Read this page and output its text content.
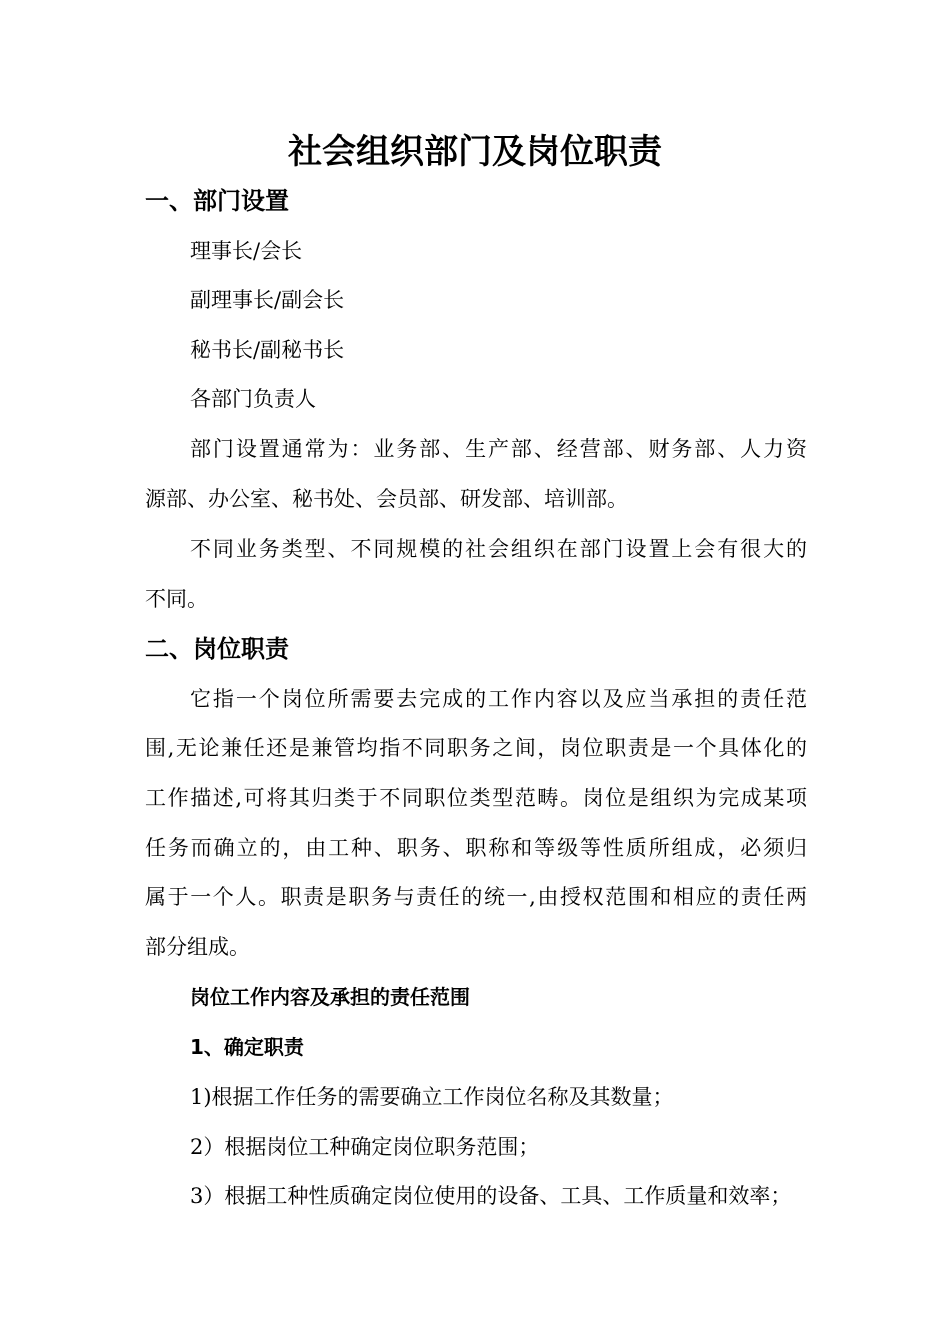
社会组织部门及岗位职责
一、部门设置
理事长/会长
副理事长/副会长
秘书长/副秘书长
各部门负责人
部门设置通常为：业务部、生产部、经营部、财务部、人力资
源部、办公室、秘书处、会员部、研发部、培训部。
不同业务类型、不同规模的社会组织在部门设置上会有很大的
不同。
二、岗位职责
它指一个岗位所需要去完成的工作内容以及应当承担的责任范
围,无论兼任还是兼管均指不同职务之间，岗位职责是一个具体化的
工作描述,可将其归类于不同职位类型范畴。岗位是组织为完成某项
任务而确立的，由工种、职务、职称和等级等性质所组成，必须归
属于一个人。职责是职务与责任的统一,由授权范围和相应的责任两
部分组成。
岗位工作内容及承担的责任范围
1、确定职责
1)根据工作任务的需要确立工作岗位名称及其数量；
2）根据岗位工种确定岗位职务范围；
3）根据工种性质确定岗位使用的设备、工具、工作质量和效率；
